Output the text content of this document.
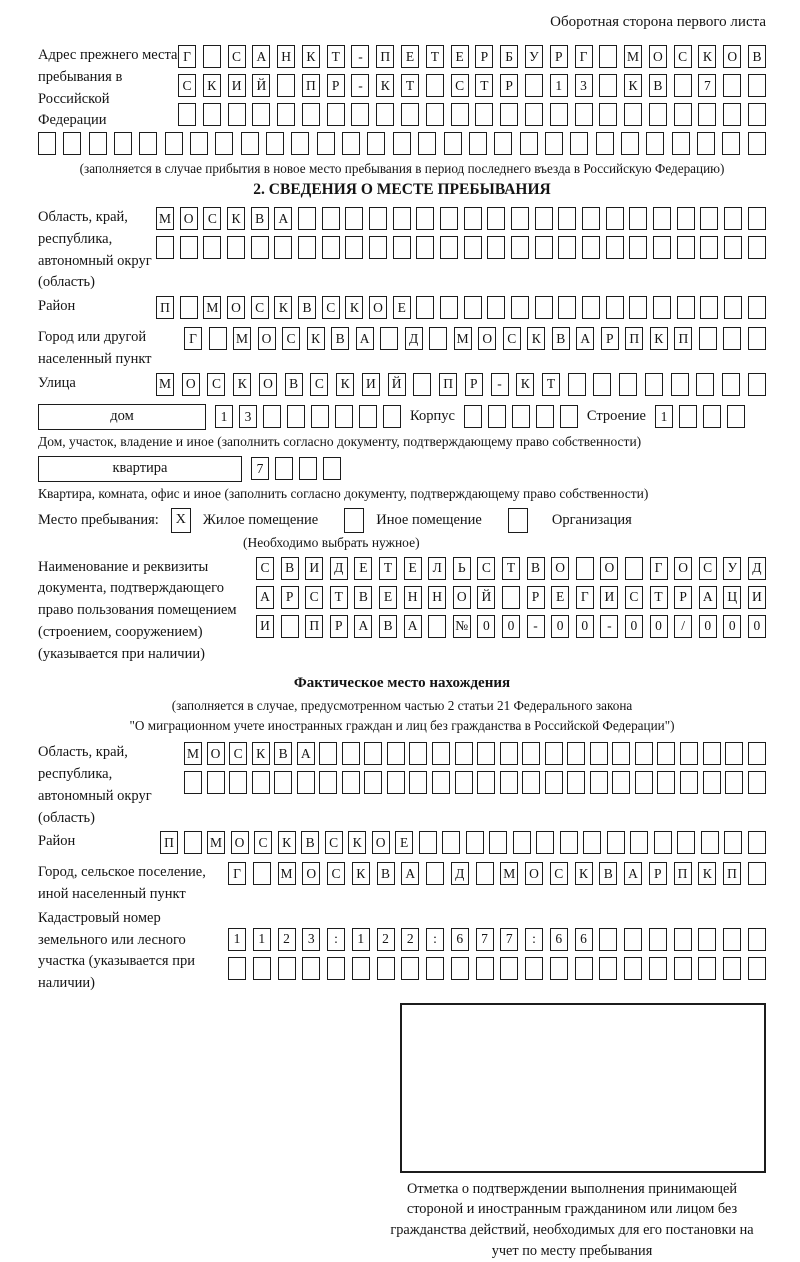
Оборотная сторона первого листа
Адрес прежнего места пребывания в Российской Федерации
Г	С	А	Н	К	Т	-	П	Е	Т	Е	Р	Б	У	Р	Г	М	О	С	К	О	В
С	К	И	Й	П	Р	-	К	Т	С	Т	Р	1	3	К	В	7
(заполняется в случае прибытия в новое место пребывания в период последнего въезда в Российскую Федерацию)
2. СВЕДЕНИЯ О МЕСТЕ ПРЕБЫВАНИЯ
Область, край, республика, автономный округ (область)
М О	С	К	В	А
Район	П	М О	С	К	В	С	К	О	Е
Город или другой населенный пункт
Г	М	О	С	К	В	А	Д	М	О	С	К	В	А	Р	П	К	П
Улица	М	О	С	К	О	В	С	К	И	Й	П	Р	-	К	Т
дом	1	3	Корпус	Строение	1
Дом, участок, владение и иное (заполнить согласно документу, подтверждающему право собственности)
квартира	7
Квартира, комната, офис и иное (заполнить согласно документу, подтверждающему право собственности)
Место пребывания:	X	Жилое помещение	Иное помещение	Организация
(Необходимо выбрать нужное)
Наименование и реквизиты документа, подтверждающего право пользования помещением (строением, сооружением) (указывается при наличии)
С	В	И	Д	Е	Т	Е	Л	Ь	С	Т	В	О	О	Г	О	С	У	Д
А	Р	С	Т	В	Е	Н	Н	О	Й	Р	Е	Г	И	С	Т	Р	А	Ц	И
И	П	Р	А	В	А	№	0	0	-	0	0	-	0	0	/	0	0	0
Фактическое место нахождения
(заполняется в случае, предусмотренном частью 2 статьи 21 Федерального закона
"О миграционном учете иностранных граждан и лиц без гражданства в Российской Федерации")
Область, край, республика, автономный округ (область)
М О С	К	В А
Район	П	М О	С	К	В	С	К	О	Е
Город, сельское поселение, иной населенный пункт
Г	М	О	С	К	В	А	Д	М	О	С	К	В	А	Р	П	К	П
Кадастровый номер земельного или лесного участка (указывается при наличии)
1	1	2	3	:	1	2	2	:	6	7	7	:	6	6
Отметка о подтверждении выполнения принимающей стороной и иностранным гражданином или лицом без гражданства действий, необходимых для его постановки на учет по месту пребывания
